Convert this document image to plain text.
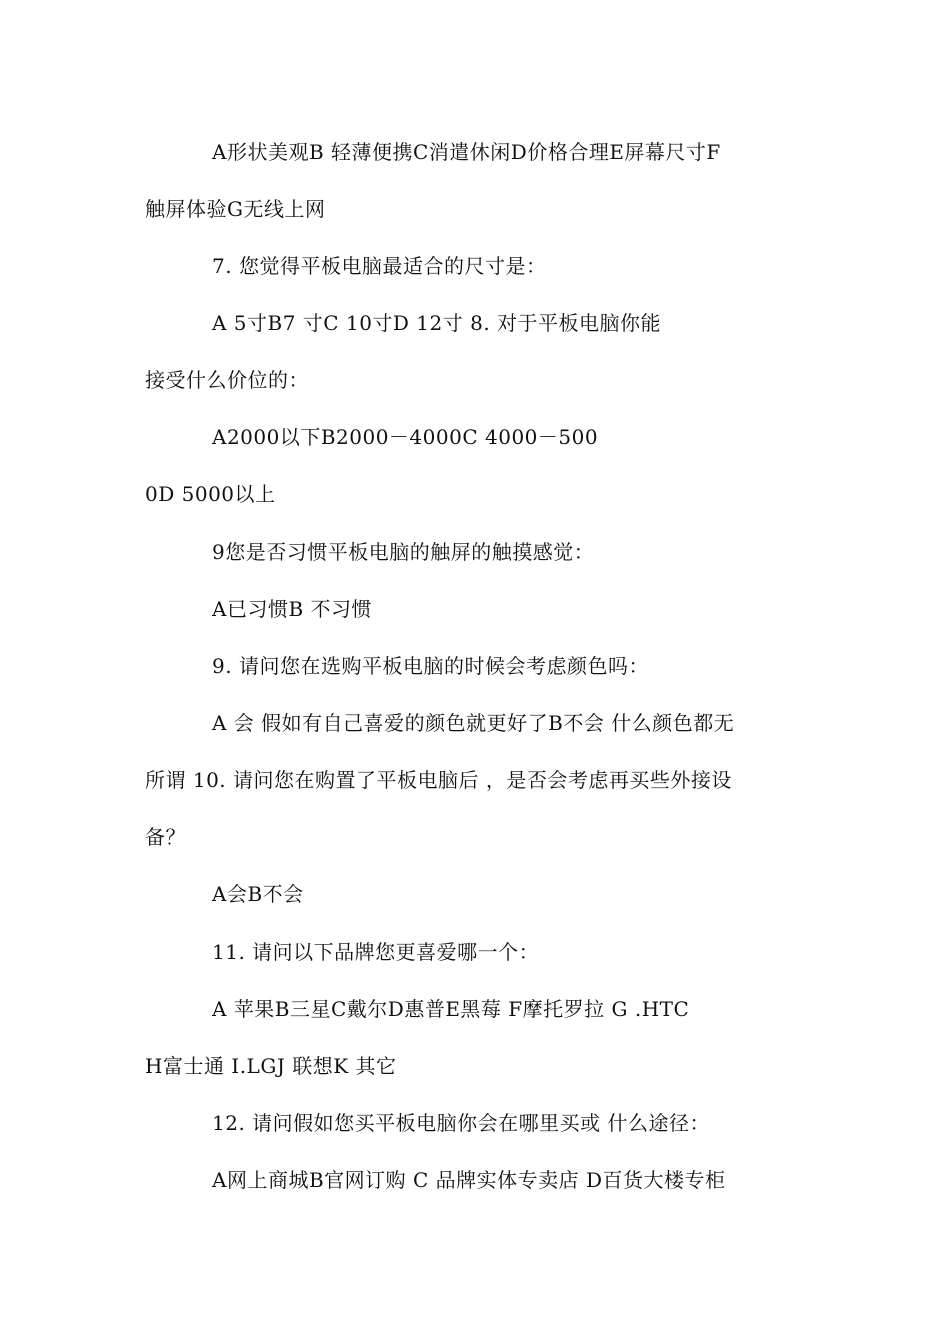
A形状美观B 轻薄便携C消遣休闲D价格合理E屏幕尺寸F
触屏体验G无线上网
7. 您觉得平板电脑最适合的尺寸是：
A 5寸B7 寸C 10寸D 12寸 8. 对于平板电脑你能
接受什么价位的：
A2000以下B2000－4000C 4000－500
0D 5000以上
9您是否习惯平板电脑的触屏的触摸感觉：
A已习惯B 不习惯
9. 请问您在选购平板电脑的时候会考虑颜色吗：
A 会 假如有自己喜爱的颜色就更好了B不会 什么颜色都无
所谓 10. 请问您在购置了平板电脑后 ，是否会考虑再买些外接设
备？
A会B不会
11. 请问以下品牌您更喜爱哪一个：
A 苹果B三星C戴尔D惠普E黑莓 F摩托罗拉 G .HTC
H富士通 I.LGJ 联想K 其它
12. 请问假如您买平板电脑你会在哪里买或 什么途径：
A网上商城B官网订购 C 品牌实体专卖店 D百货大楼专柜
